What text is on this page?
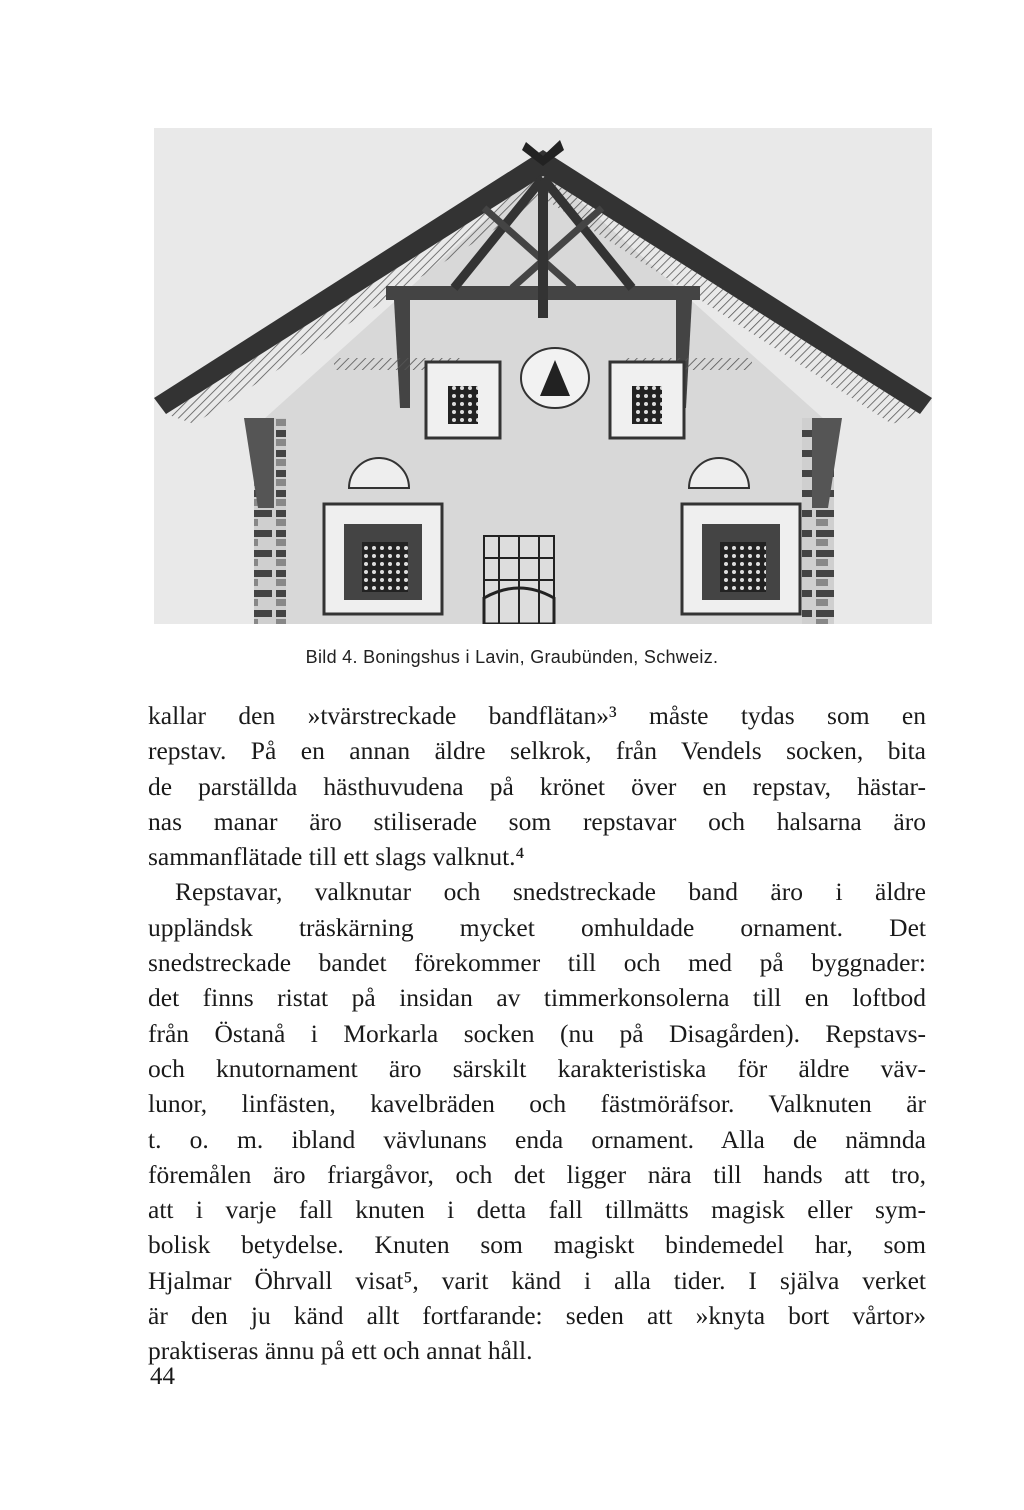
Bild 4. Boningshus i Lavin, Graubünden, Schweiz.
kallar den »tvärstreckade bandflätan»³ måste tydas som en
repstav. På en annan äldre selkrok, från Vendels socken, bita
de parställda hästhuvudena på krönet över en repstav, hästar-
nas manar äro stiliserade som repstavar och halsarna äro
sammanflätade till ett slags valknut.⁴
Repstavar, valknutar och snedstreckade band äro i äldre
uppländsk träskärning mycket omhuldade ornament. Det
snedstreckade bandet förekommer till och med på byggnader:
det finns ristat på insidan av timmerkonsolerna till en loftbod
från Östanå i Morkarla socken (nu på Disagården). Repstavs-
och knutornament äro särskilt karakteristiska för äldre väv-
lunor, linfästen, kavelbräden och fästmöräfsor. Valknuten är
t. o. m. ibland vävlunans enda ornament. Alla de nämnda
föremålen äro friargåvor, och det ligger nära till hands att tro,
att i varje fall knuten i detta fall tillmätts magisk eller sym-
bolisk betydelse. Knuten som magiskt bindemedel har, som
Hjalmar Öhrvall visat⁵, varit känd i alla tider. I själva verket
är den ju känd allt fortfarande: seden att »knyta bort vårtor»
praktiseras ännu på ett och annat håll.
44
